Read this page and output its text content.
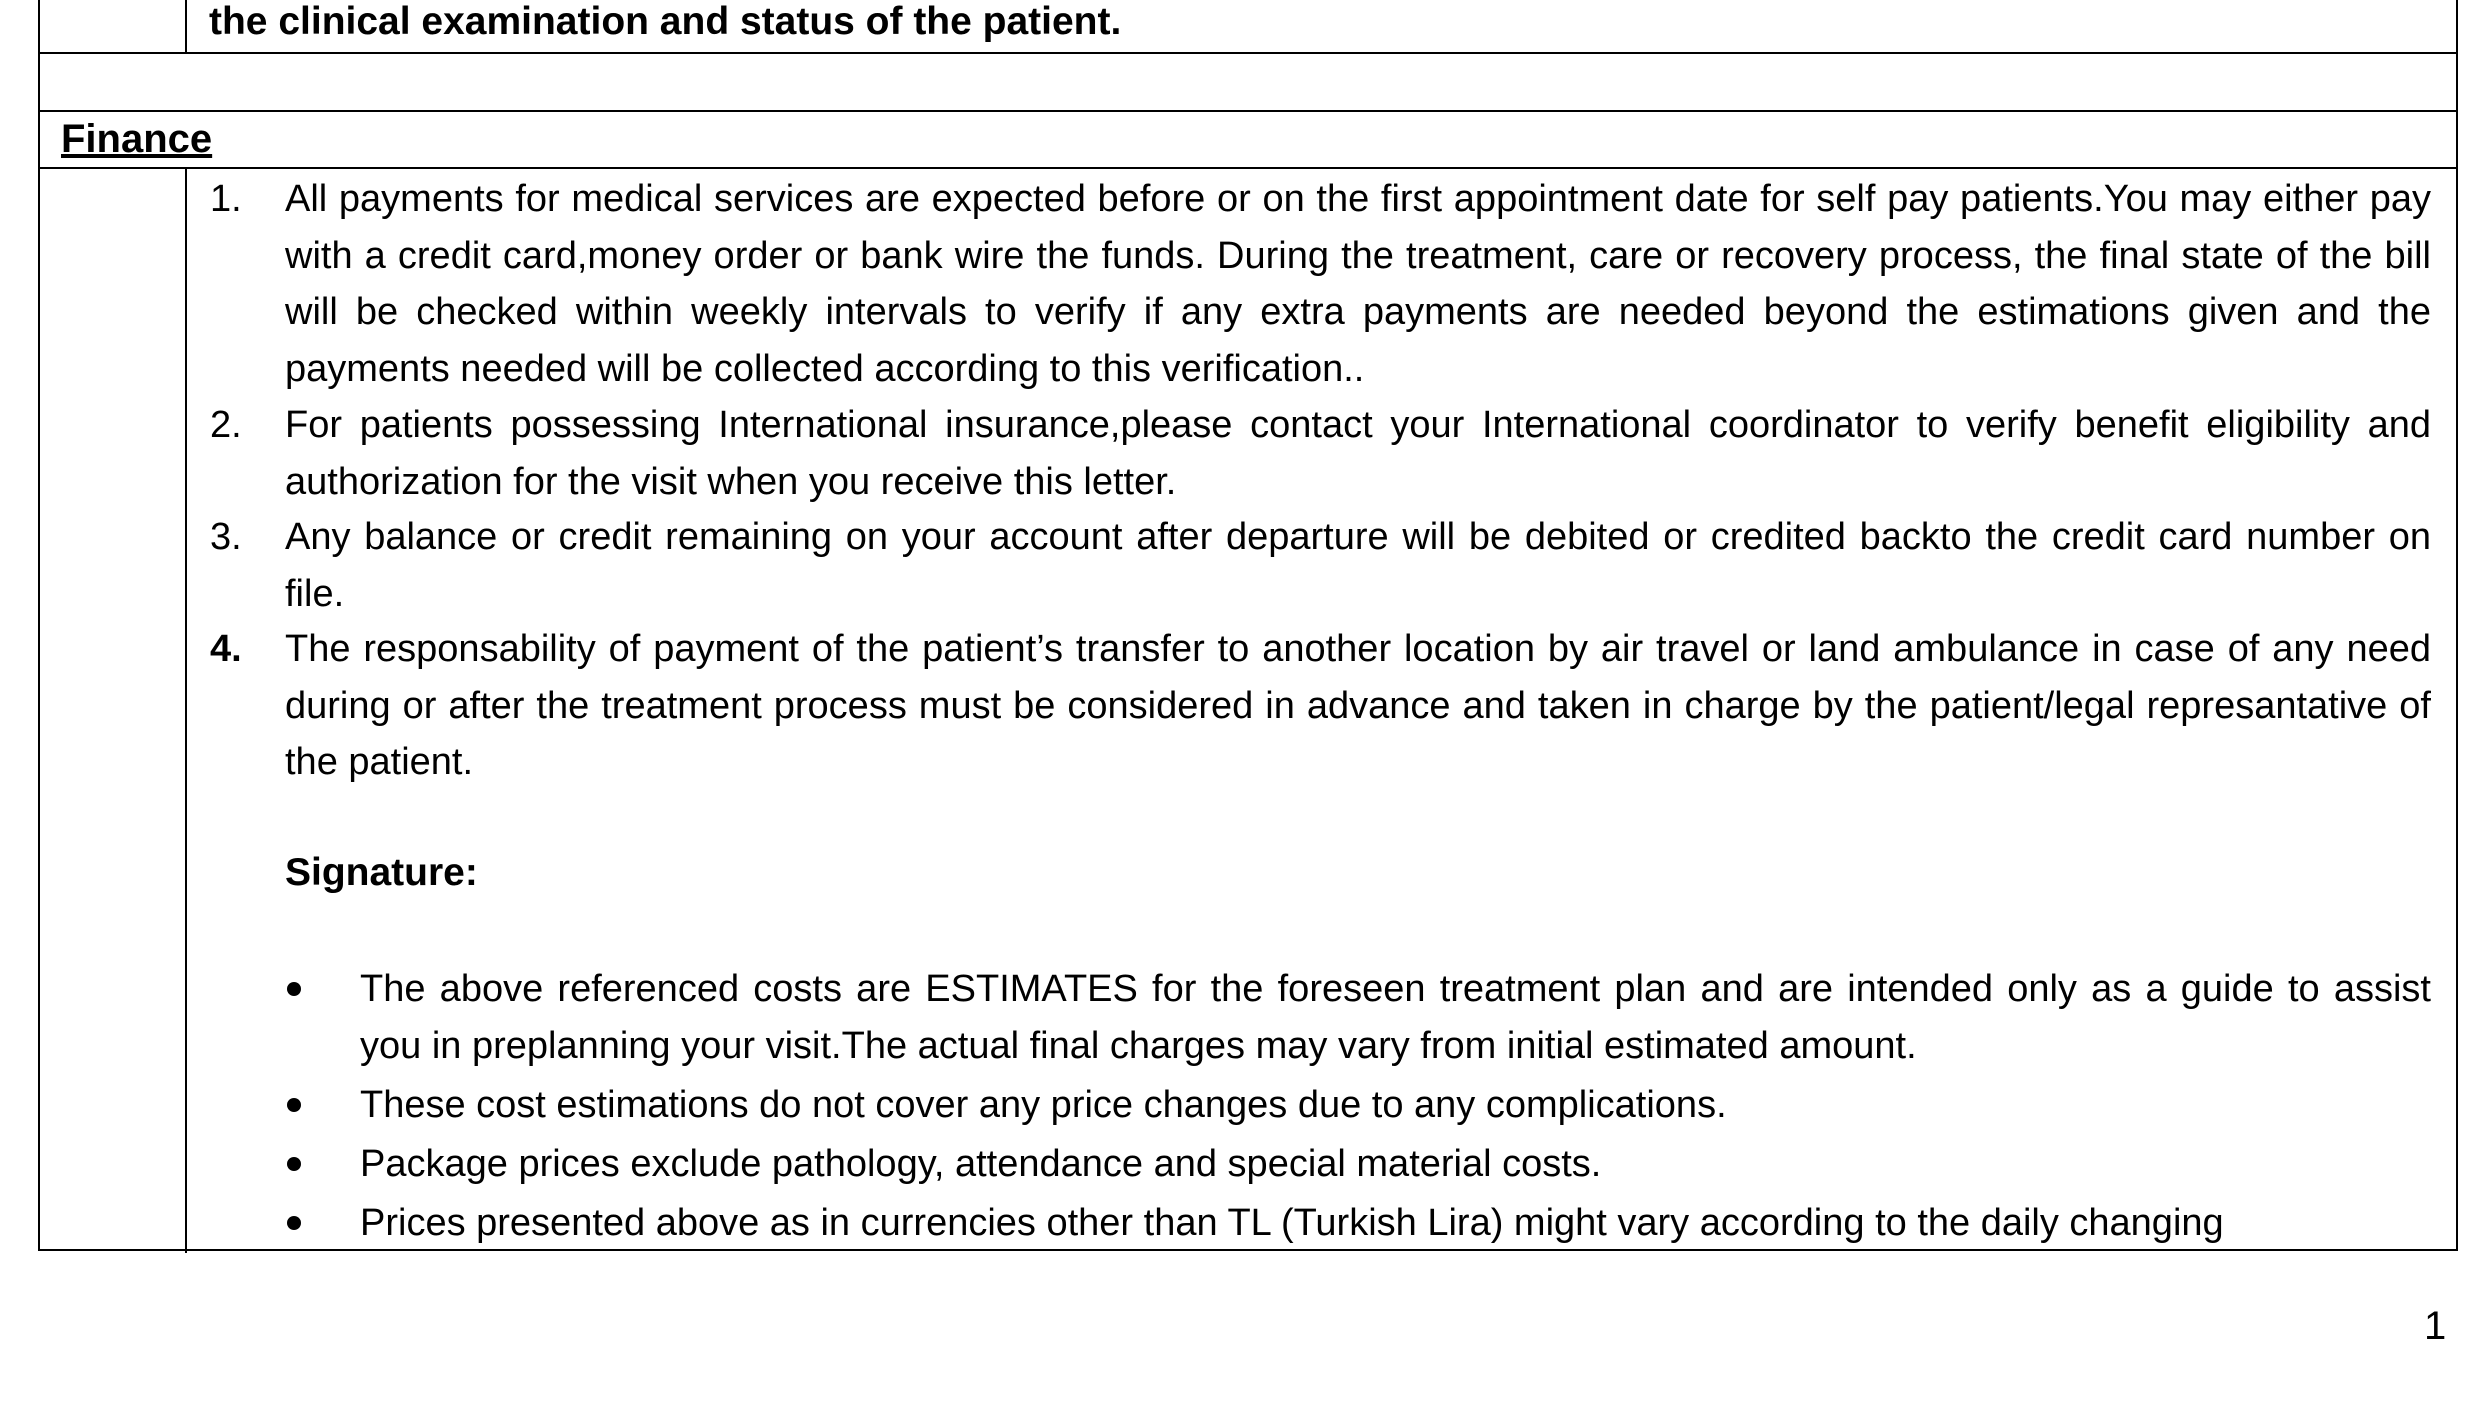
the clinical examination and status of the patient.
Finance
1. All payments for medical services are expected before or on the first appointment date for self pay patients.You may either pay with a credit card,money order or bank wire the funds. During the treatment, care or recovery process, the final state of the bill will be checked within weekly intervals to verify if any extra payments are needed beyond the estimations given and the payments needed will be collected according to this verification..
2. For patients possessing International insurance,please contact your International coordinator to verify benefit eligibility and authorization for the visit when you receive this letter.
3. Any balance or credit remaining on your account after departure will be debited or credited backto the credit card number on file.
4. The responsability of payment of the patient’s transfer to another location by air travel or land ambulance in case of any need during or after the treatment process must be considered in advance and taken in charge by the patient/legal represantative of the patient.
Signature:
The above referenced costs are ESTIMATES for the foreseen treatment plan and are intended only as a guide to assist you in preplanning your visit.The actual final charges may vary from initial estimated amount.
These cost estimations do not cover any price changes due to any complications.
Package prices exclude pathology, attendance and special material costs.
Prices presented above as in currencies other than TL (Turkish Lira) might vary according to the daily changing
1
